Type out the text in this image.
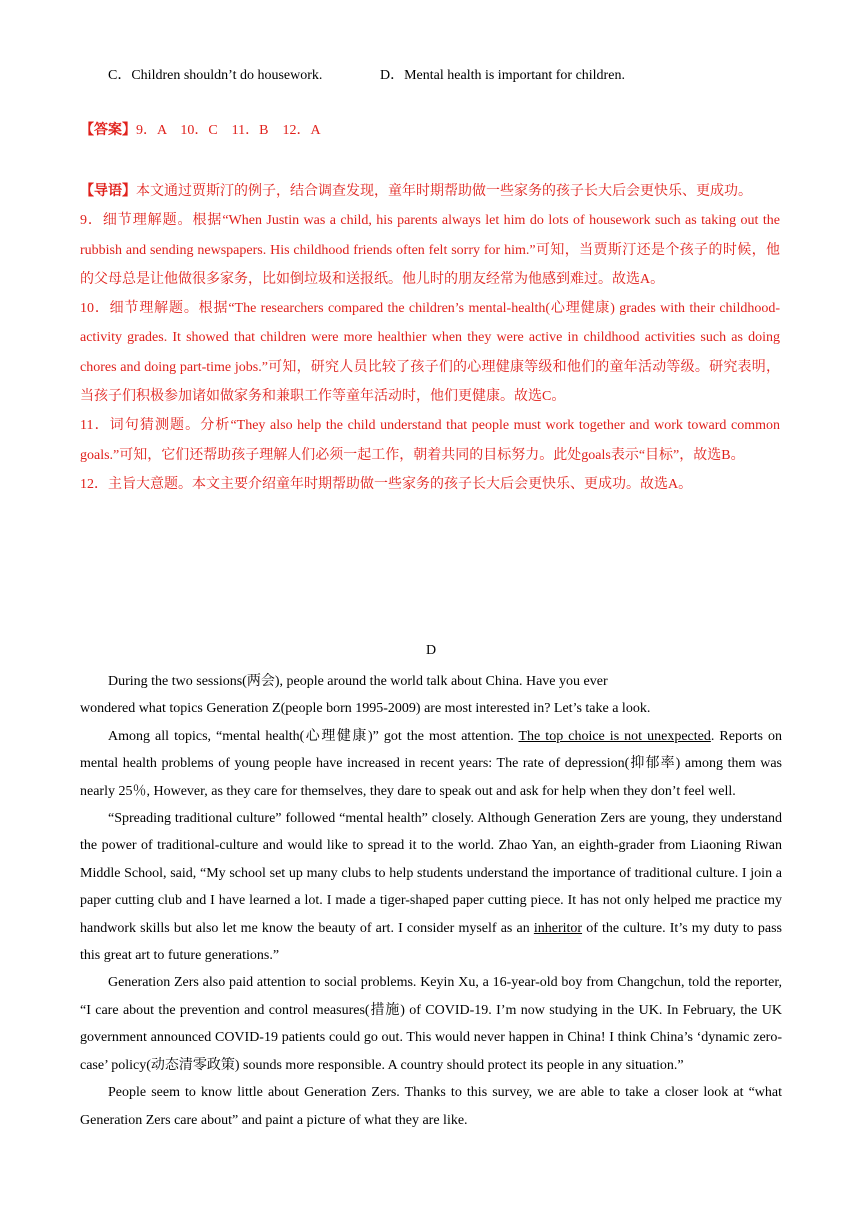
C．Children shouldn’t do housework.	D．Mental health is important for children.
【答案】9．A　10．C　11．B　12．A

【导语】本文通过贾斯汀的例子，结合调查发现，童年时期帮助做一些家务的孩子长大后会更快乐、更成功。

9．细节理解题。根据“When Justin was a child, his parents always let him do lots of housework such as taking out the rubbish and sending newspapers. His childhood friends often felt sorry for him.”可知，当贾斯汀还是个孩子的时候，他的父母总是让他做很多家务，比如倒垃圾和送报纸。他儿时的朋友经常为他感到难过。故选A。

10．细节理解题。根据“The researchers compared the children’s mental-health(心理健康) grades with their childhood-activity grades. It showed that children were more healthier when they were active in childhood activities such as doing chores and doing part-time jobs.”可知，研究人员比较了孩子们的心理健康等级和他们的童年活动等级。研究表明，当孩子们积极参加诸如做家务和兼职工作等童年活动时，他们更健康。故选C。

11．词句猜测题。分析“They also help the child understand that people must work together and work toward common goals.”可知，它们还帮助孩子理解人们必须一起工作，朝着共同的目标努力。此处goals表示“目标”，故选B。

12．主旨大意题。本文主要介绍童年时期帮助做一些家务的孩子长大后会更快乐、更成功。故选A。

D

During the two sessions(两会), people around the world talk about China. Have you ever

wondered what topics Generation Z(people born 1995-2009) are most interested in? Let’s take a look.

Among all topics, “mental health(心理健康)” got the most attention. The top choice is not unexpected. Reports on mental health problems of young people have increased in recent years: The rate of depression(抑郁率) among them was nearly 25％, However, as they care for themselves, they dare to speak out and ask for help when they don’t feel well.

“Spreading traditional culture” followed “mental health” closely. Although Generation Zers are young, they understand the power of traditional-culture and would like to spread it to the world. Zhao Yan, an eighth-grader from Liaoning Riwan Middle School, said, “My school set up many clubs to help students understand the importance of traditional culture. I join a paper cutting club and I have learned a lot. I made a tiger-shaped paper cutting piece. It has not only helped me practice my handwork skills but also let me know the beauty of art. I consider myself as an inheritor of the culture. It’s my duty to pass this great art to future generations.”

Generation Zers also paid attention to social problems. Keyin Xu, a 16-year-old boy from Changchun, told the reporter, “I care about the prevention and control measures(措施) of COVID-19. I’m now studying in the UK. In February, the UK government announced COVID-19 patients could go out. This would never happen in China! I think China’s ‘dynamic zero-case’ policy(动态清零政策) sounds more responsible. A country should protect its people in any situation.”

People seem to know little about Generation Zers. Thanks to this survey, we are able to take a closer look at “what Generation Zers care about” and paint a picture of what they are like.
